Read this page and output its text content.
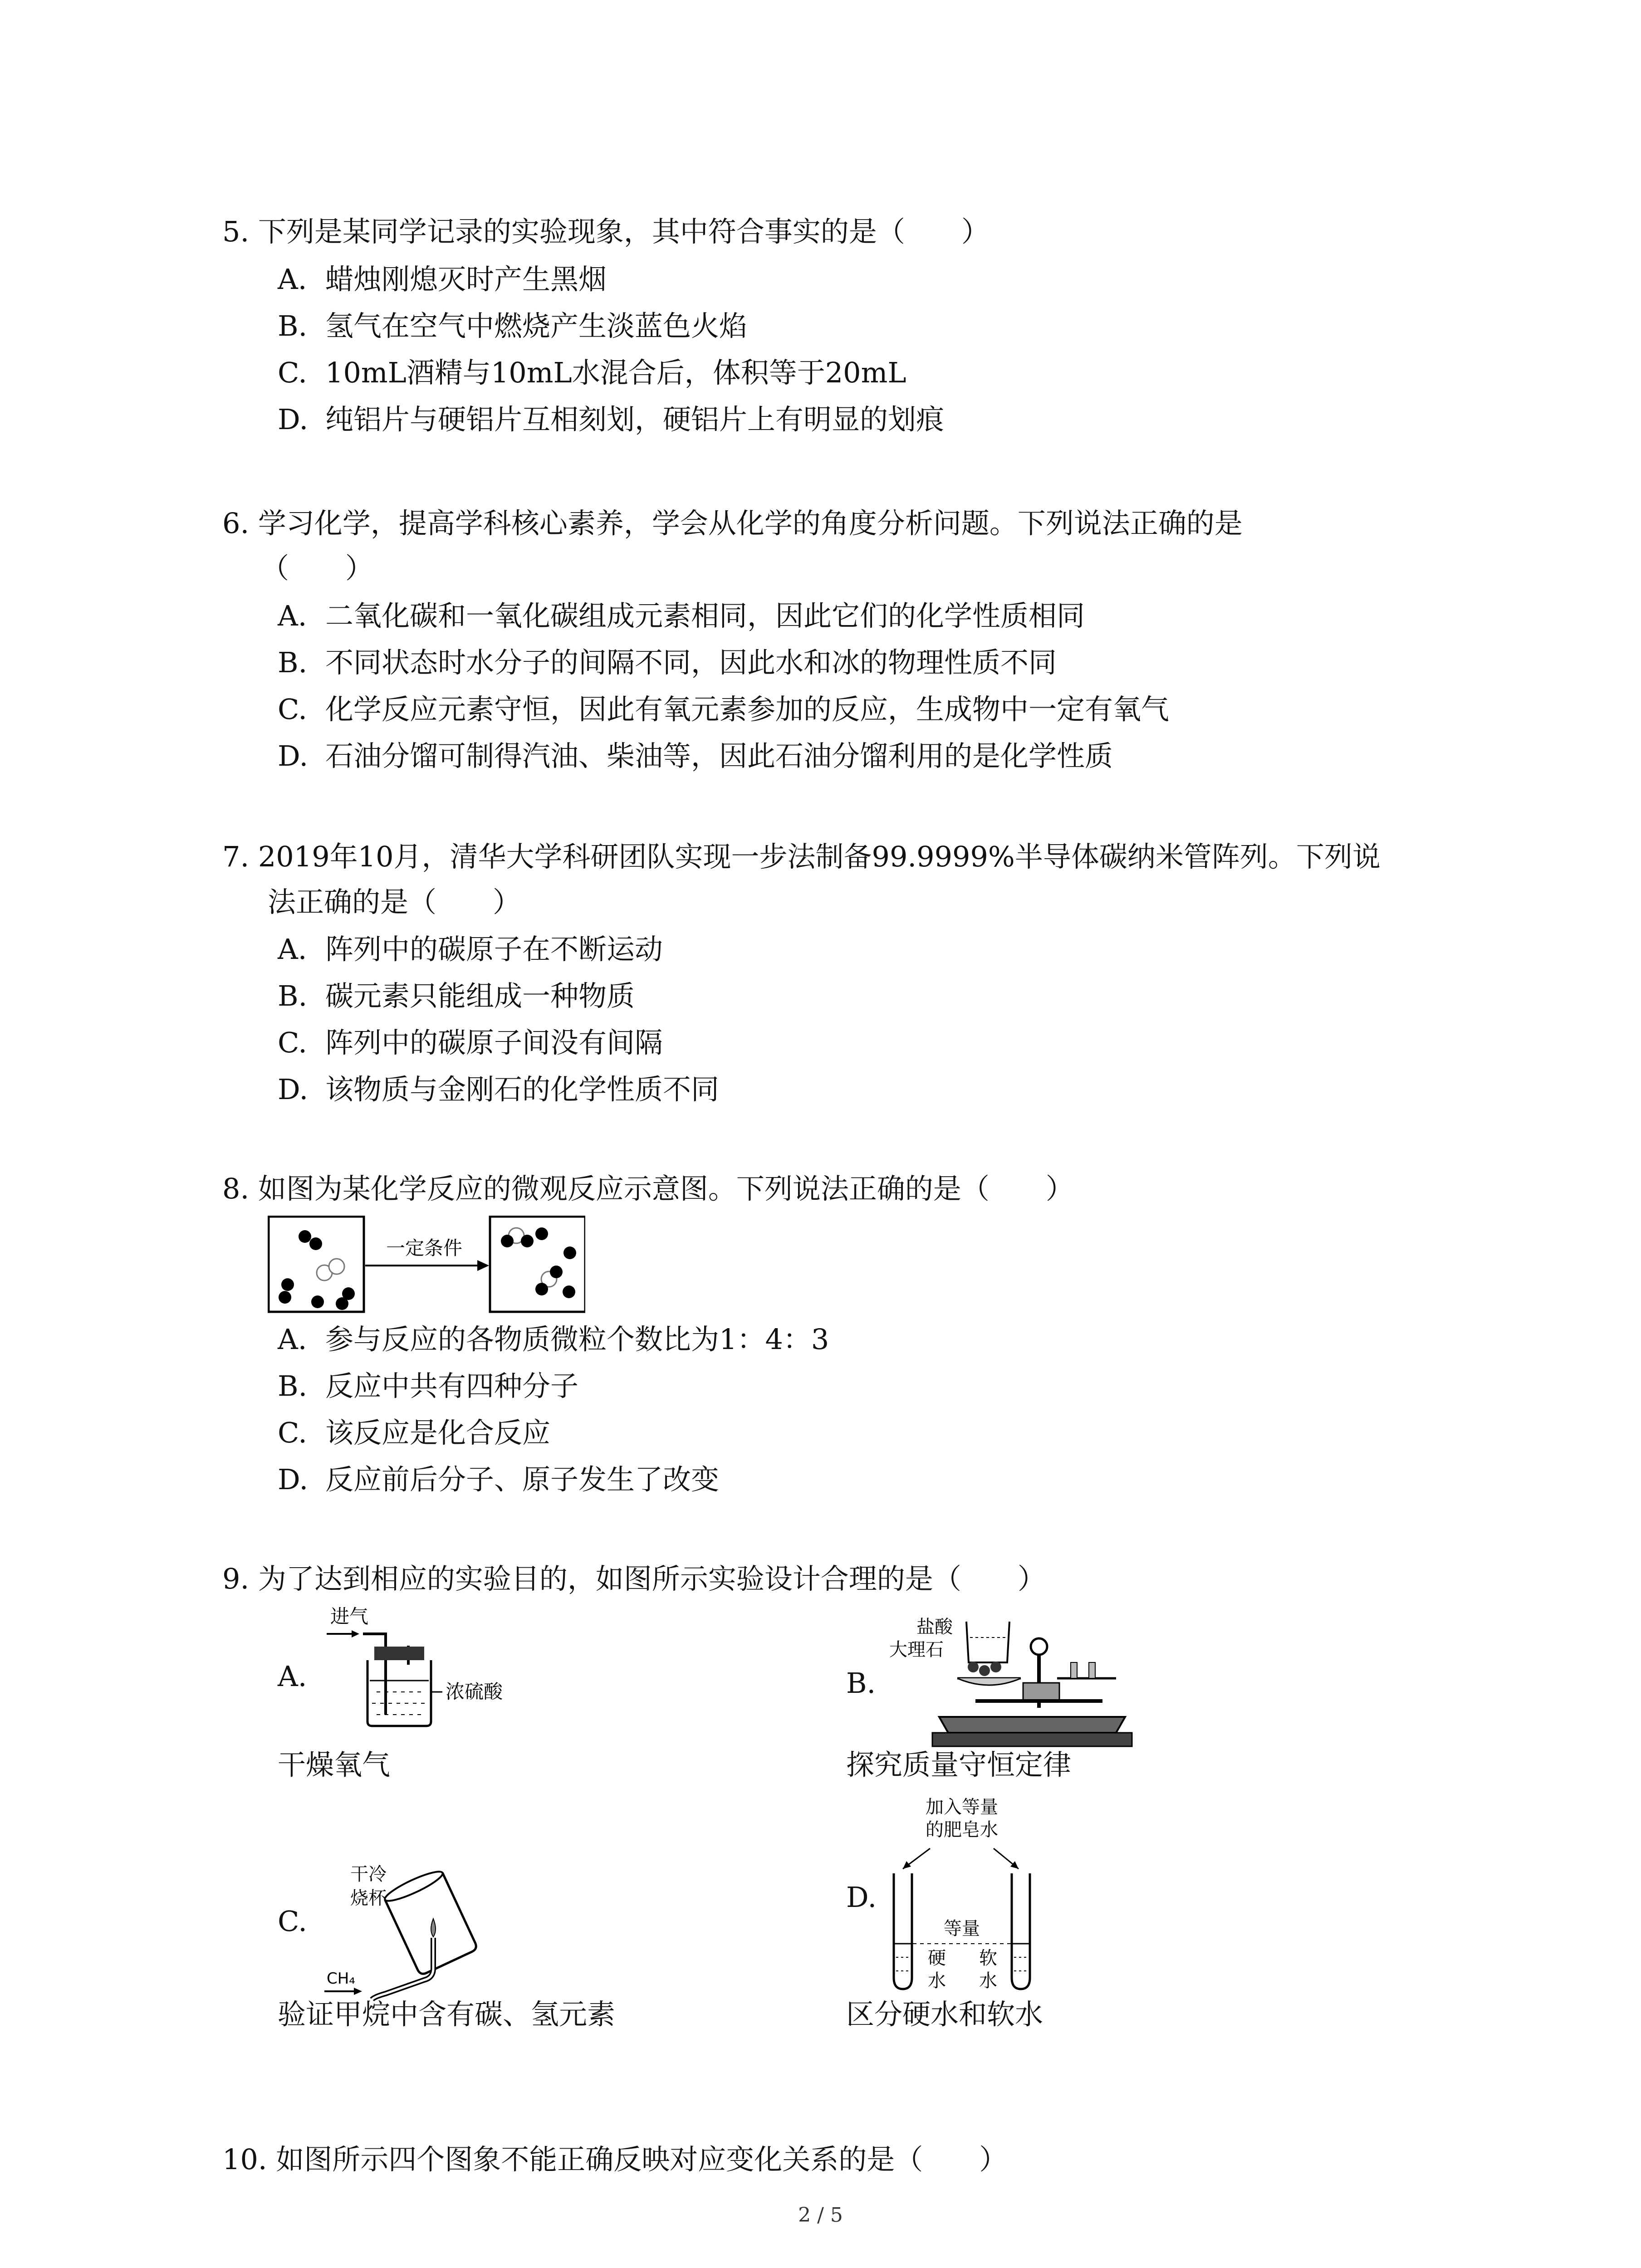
5. 下列是某同学记录的实验现象，其中符合事实的是（　　）
A. 蜡烛刚熄灭时产生黑烟
B. 氢气在空气中燃烧产生淡蓝色火焰
C. 10mL酒精与10mL水混合后，体积等于20mL
D. 纯铝片与硬铝片互相刻划，硬铝片上有明显的划痕
6. 学习化学，提高学科核心素养，学会从化学的角度分析问题。下列说法正确的是
（　　）
A. 二氧化碳和一氧化碳组成元素相同，因此它们的化学性质相同
B. 不同状态时水分子的间隔不同，因此水和冰的物理性质不同
C. 化学反应元素守恒，因此有氧元素参加的反应，生成物中一定有氧气
D. 石油分馏可制得汽油、柴油等，因此石油分馏利用的是化学性质
7. 2019年10月，清华大学科研团队实现一步法制备99.9999%半导体碳纳米管阵列。下列说
法正确的是（　　）
A. 阵列中的碳原子在不断运动
B. 碳元素只能组成一种物质
C. 阵列中的碳原子间没有间隔
D. 该物质与金刚石的化学性质不同
8. 如图为某化学反应的微观反应示意图。下列说法正确的是（　　）
一定条件
A. 参与反应的各物质微粒个数比为1：4：3
B. 反应中共有四种分子
C. 该反应是化合反应
D. 反应前后分子、原子发生了改变
9. 为了达到相应的实验目的，如图所示实验设计合理的是（　　）
A.
进气
浓硫酸
干燥氧气
B.
盐酸
大理石
探究质量守恒定律
C.
干冷
烧杯
CH₄
验证甲烷中含有碳、氢元素
D.
加入等量
的肥皂水
等量
硬
水
软
水
区分硬水和软水
10. 如图所示四个图象不能正确反映对应变化关系的是（　　）
2 / 5
